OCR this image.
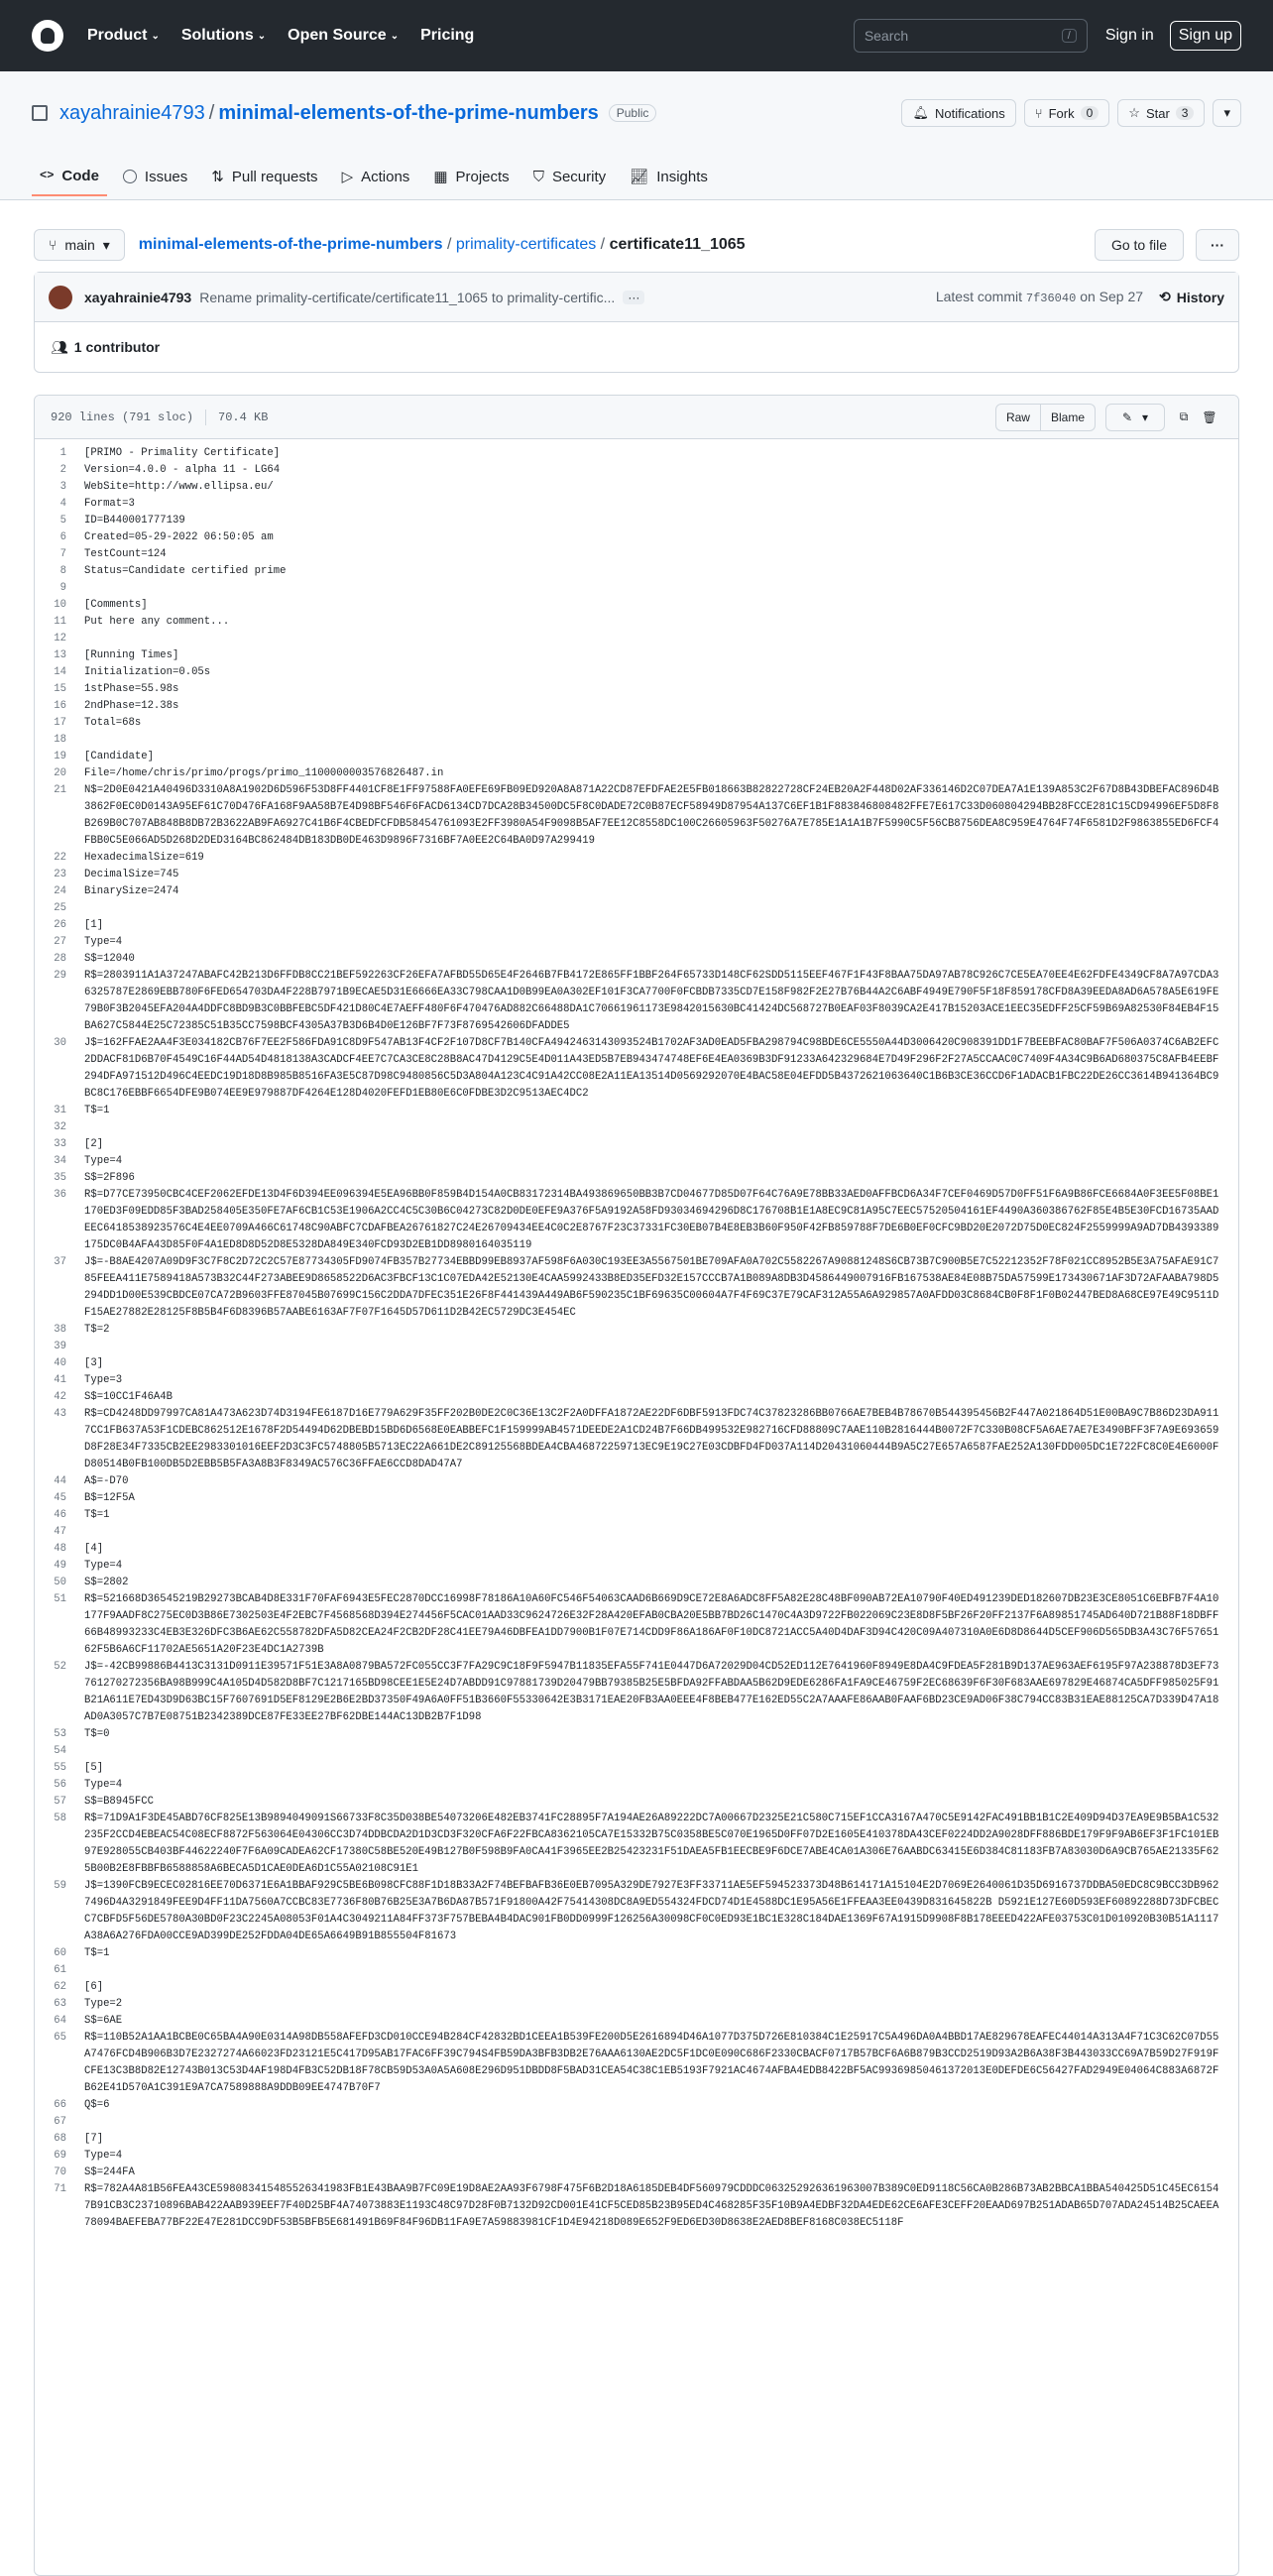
Product ⌄ Solutions ⌄ Open Source ⌄ Pricing	Search	/	Sign in	Sign up
xayahrainie4793 / minimal-elements-of-the-prime-numbers	Public	🔔︎ Notifications ⑂ Fork	0	☆ Star	3	▾
<> Code	Issues ⇅ Pull requests ▷ Actions ▦ Projects ⛉ Security 📈︎ Insights
⑂ main ▾ minimal-elements-of-the-prime-numbers / primality-certificates / certificate11_1065	Go to file	···
xayahrainie4793 Rename primality-certificate/certificate11_1065 to primality-certific...	···	Latest commit 7f36040 on Sep 27 ⟲ History
👥︎ 1 contributor
920 lines (791 sloc) 70.4 KB	Raw	Blame	✎ ▾	⧉ 🗑︎
1	[PRIMO - Primality Certificate]
2	Version=4.0.0 - alpha 11 - LG64
3	WebSite=http://www.ellipsa.eu/
4	Format=3
5	ID=B440001777139
6	Created=05-29-2022 06:50:05 am
7	TestCount=124
8	Status=Candidate certified prime
9
10	[Comments]
11	Put here any comment...
12
13	[Running Times]
14	Initialization=0.05s
15	1stPhase=55.98s
16	2ndPhase=12.38s
17	Total=68s
18
19	[Candidate]
20	File=/home/chris/primo/progs/primo_1100000003576826487.in
21	N$=2D0E0421A40496D3310A8A1902D6D596F53D8FF4401CF8E1FF97588FA0EFE69FB09ED920A8A871A22CD87EFDFAE2E5FB018663B82822728CF24EB20A2F448D02AF336146D2C07DEA7A1E139A853C2F67D8B43DBEFAC896D4B3862F0EC0D0143A95EF61C70D476FA168F9AA58B7E4D98BF546F6FACD6134CD7DCA28B34500DC5F8C0DADE72C0B87ECF58949D87954A137C6EF1B1F883846808482FFE7E617C33D060804294BB28FCCE281C15CD94996EF5D8F8B269B0C707AB848B8DB72B3622AB9FA6927C41B6F4CBEDFCFDB58454761093E2FF3980A54F9098B5AF7EE12C8558DC100C26605963F50276A7E785E1A1A1B7F5990C5F56CB8756DEA8C959E4764F74F6581D2F9863855ED6FCF4FBB0C5E066AD5D268D2DED3164BC862484DB183DB0DE463D9896F7316BF7A0EE2C64BA0D97A299419
22	HexadecimalSize=619
23	DecimalSize=745
24	BinarySize=2474
25
26	[1]
27	Type=4
28	S$=12040
29	R$=2803911A1A37247ABAFC42B213D6FFDB8CC21BEF592263CF26EFA7AFBD55D65E4F2646B7FB4172E865FF1BBF264F65733D148CF62SDD5115EEF467F1F43F8BAA75DA97AB78C926C7CE5EA70EE4E62FDFE4349CF8A7A97CDA36325787E2869EBB780F6FED654703DA4F228B7971B9ECAE5D31E6666EA33C798CAA1D0B99EA0A302EF101F3CA7700F0FCBDB7335CD7E158F982F2E27B76B44A2C6ABF4949E790F5F18F859178CFD8A39EEDA8AD6A578A5E619FE79B0F3B2045EFA204A4DDFC8BD9B3C0BBFEBC5DF421D80C4E7AEFF480F6F470476AD882C66488DA1C70661961173E9842015630BC41424DC568727B0EAF03F8039CA2E417B15203ACE1EEC35EDFF25CF59B69A82530F84EB4F15BA627C5844E25C72385C51B35CC7598BCF4305A37B3D6B4D0E126BF7F73F8769542606DFADDE5
30	J$=162FFAE2AA4F3E034182CB76F7EE2F586FDA91C8D9F547AB13F4CF2F107D8CF7B140CFA4942463143093524B1702AF3AD0EAD5FBA298794C98BDE6CE5550A44D3006420C908391DD1F7BEEBFAC80BAF7F506A0374C6AB2EFC2DDACF81D6B70F4549C16F44AD54D4818138A3CADCF4EE7C7CA3CE8C28B8AC47D4129C5E4D011A43ED5B7EB943474748EF6E4EA0369B3DF91233A642329684E7D49F296F2F27A5CCAAC0C7409F4A34C9B6AD680375C8AFB4EEBF294DFA971512D496C4EEDC19D18D8B985B8516FA3E5C87D98C9480856C5D3A804A123C4C91A42CC08E2A11EA13514D0569292070E4BAC58E04EFDD5B4372621063640C1B6B3CE36CCD6F1ADACB1FBC22DE26CC3614B941364BC9BC8C176EBBF6654DFE9B074EE9E979887DF4264E128D4020FEFD1EB80E6C0FDBE3D2C9513AEC4DC2
31	T$=1
32
33	[2]
34	Type=4
35	S$=2F896
36	R$=D77CE73950CBC4CEF2062EFDE13D4F6D394EE096394E5EA96BB0F859B4D154A0CB83172314BA493869650BB3B7CD04677D85D07F64C76A9E78BB33AED0AFFBCD6A34F7CEF0469D57D0FF51F6A9B86FCE6684A0F3EE5F08BE1170ED3F09EDD85F3BAD258405E350FE7AF6CB1C53E1906A2CC4C5C30B6C04273C82D0DE0EFE9A376F5A9192A58FD93034694296D8C176708B1E1A8EC9C81A95C7EEC57520504161EF4490A360386762F85E4B5E30FCD16735AADEEC6418538923576C4E4EE0709A466C61748C90ABFC7CDAFBEA26761827C24E26709434EE4C0C2E8767F23C37331FC30EB07B4E8EB3B60F950F42FB859788F7DE6B0EF0CFC9BD20E2072D75D0EC824F2559999A9AD7DB4393389175DC0B4AFA43D85F0F4A1ED8D8D52D8E5328DA849E340FCD93D2EB1DD8980164035119
37	J$=-B8AE4207A09D9F3C7F8C2D72C2C57E87734305FD9074FB357B27734EBBD99EB8937AF598F6A030C193EE3A5567501BE709AFA0A702C5582267A90881248S6CB73B7C900B5E7C52212352F78F021CC8952B5E3A75AFAE91C785FEEA411E7589418A573B32C44F273ABEE9D8658522D6AC3FBCF13C1C07EDA42E52130E4CAA5992433B8ED35EFD32E157CCCB7A1B089A8DB3D4586449007916FB167538AE84E08B75DA57599E173430671AF3D72AFAABA798D5294DD1D00E539CBDCE07CA72B9603FFE87045B07699C156C2DDA7DFEC351E26F8F441439A449AB6F590235C1BF69635C00604A7F4F69C37E79CAF312A55A6A929857A0AFDD03C8684CB0F8F1F0B02447BED8A68CE97E49C9511DF15AE27882E28125F8B5B4F6D8396B57AABE6163AF7F07F1645D57D611D2B42EC5729DC3E454EC
38	T$=2
39
40	[3]
41	Type=3
42	S$=10CC1F46A4B
43	R$=CD4248DD97997CA81A473A623D74D3194FE6187D16E779A629F35FF202B0DE2C0C36E13C2F2A0DFFA1872AE22DF6DBF5913FDC74C37823286BB0766AE7BEB4B78670B544395456B2F447A021864D51E00BA9C7B86D23DA9117CC1FB637A53F1CDEBC862512E1678F2D54494D62DBEBD15BD6D6568E0EABBEFC1F159999AB4571DEEDE2A1CD24B7F66DB499532E982716CFD88809C7AAE110B2816444B0072F7C330B08CF5A6AE7AE7E3490BFF3F7A9E693659D8F28E34F7335CB2EE2983301016EEF2D3C3FC5748805B5713EC22A661DE2C89125568BDEA4CBA46872259713EC9E19C27E03CDBFD4FD037A114D20431060444B9A5C27E657A6587FAE252A130FDD005DC1E722FC8C0E4E6000FD80514B0FB100DB5D2EBB5B5FA3A8B3F8349AC576C36FFAE6CCD8DAD47A7
44	A$=-D70
45	B$=12F5A
46	T$=1
47
48	[4]
49	Type=4
50	S$=2802
51	R$=521668D36545219B29273BCAB4D8E331F70FAF6943E5FEC2870DCC16998F78186A10A60FC546F54063CAAD6B669D9CE72E8A6ADC8FF5A82E28C48BF090AB72EA10790F40ED491239DED182607DB23E3CE8051C6EBFB7F4A10177F9AADF8C275EC0D3B86E7302503E4F2EBC7F4568568D394E274456F5CAC01AAD33C9624726E32F28A420EFAB0CBA20E5BB7BD26C1470C4A3D9722FB022069C23E8D8F5BF26F20FF2137F6A89851745AD640D721B88F18DBFF66B48993233C4EB3E326DFC3B6AE62C558782DFA5D82CEA24F2CB2DF28C41EE79A46DBFEA1DD7900B1F07E714CDD9F86A186AF0F10DC8721ACC5A40D4DAF3D94C420C09A407310A0E6D8D8644D5CEF906D565DB3A43C76F5765162F5B6A6CF11702AE5651A20F23E4DC1A2739B
52	J$=-42CB99886B4413C3131D0911E39571F51E3A8A0879BA572FC055CC3F7FA29C9C18F9F5947B11835EFA55F741E0447D6A72029D04CD52ED112E7641960F8949E8DA4C9FDEA5F281B9D137AE963AEF6195F97A238878D3EF73761270272356BA98B999C4A105D4D582D8BF7C1217165BD98CEE1E5E24D7ABDD91C97881739D20479BB79385B25E5BFDA92FFABDAA5B62D9EDE6286FA1FA9CE46759F2EC68639F6F30F683AAE697829E46874CA5DFF985025F91B21A611E7ED43D9D63BC15F7607691D5EF8129E2B6E2BD37350F49A6A0FF51B3660F55330642E3B3171EAE20FB3AA0EEE4F8BEB477E162ED55C2A7AAAFE86AAB0FAAF6BD23CE9AD06F38C794CC83B31EAE88125CA7D339D47A18AD0A3057C7B7E08751B2342389DCE87FE33EE27BF62DBE144AC13DB2B7F1D98
53	T$=0
54
55	[5]
56	Type=4
57	S$=B8945FCC
58	R$=71D9A1F3DE45ABD76CF825E13B9894049091S66733F8C35D038BE54073206E482EB3741FC28895F7A194AE26A89222DC7A00667D2325E21C580C715EF1CCA3167A470C5E9142FAC491BB1B1C2E409D94D37EA9E9B5BA1C532235F2CCD4EBEAC54C08ECF8872F563064E04306CC3D74DDBCDA2D1D3CD3F320CFA6F22FBCA8362105CA7E15332B75C0358BE5C070E1965D0FF07D2E1605E410378DA43CEF0224DD2A9028DFF886BDE179F9F9AB6EF3F1FC101EB97E928055CB403BF44622240F7F6A09CADEA62CF17380C58BE520E49B127B0F598B9FA0CA41F3965EE2B25423231F51DAEA5FB1EECBE9F6DCE7ABE4CA01A306E76AABDC63415E6D384C81183FB7A83030D6A9CB765AE21335F625B00B2E8FBBFB6588858A6BECA5D1CAE0DEA6D1C55A02108C91E1
59	J$=1390FCB9ECEC02816EE70D6371E6A1BBAF929C5BE6B098CFC88F1D18B33A2F74BEFBAFB36E0EB7095A329DE7927E3FF33711AE5EF594523373D48B614171A15104E2D7069E2640061D35D6916737DDBA50EDC8C9BCC3DB9627496D4A3291849FEE9D4FF11DA7560A7CCBC83E7736F80B76B25E3A7B6DA87B571F91800A42F75414308DC8A9ED554324FDCD74D1E4588DC1E95A56E1FFEAA3EE0439D831645822B D5921E127E60D593EF60892288D73DFCBECC7CBFD5F56DE5780A30BD0F23C2245A08053F01A4C3049211A84FF373F757BEBA4B4DAC901FB0DD0999F126256A30098CF0C0ED93E1BC1E328C184DAE1369F67A1915D9908F8B178EEED422AFE03753C01D010920B30B51A1117A38A6A276FDA00CCE9AD399DE252FDDA04DE65A6649B91B855504F81673
60	T$=1
61
62	[6]
63	Type=2
64	S$=6AE
65	R$=110B52A1AA1BCBE0C65BA4A90E0314A98DB558AFEFD3CD010CCE94B284CF42832BD1CEEA1B539FE200D5E2616894D46A1077D375D726E810384C1E25917C5A496DA0A4BBD17AE829678EAFEC44014A313A4F71C3C62C07D55A7476FCD4B906B3D7E2327274A66023FD23121E5C417D95AB17FAC6FF39C794S4FB59DA3BFB3DB2E76AAA6130AE2DC5F1DC0E090C686F2330CBACF0717B57BCF6A6B879B3CCD2519D93A2B6A38F3B443033CC69A7B59D27F919FCFE13C3B8D82E12743B013C53D4AF198D4FB3C52DB18F78CB59D53A0A5A608E296D951DBDD8F5BAD31CEA54C38C1EB5193F7921AC4674AFBA4EDB8422BF5AC99369850461372013E0DEFDE6C56427FAD2949E04064C883A6872FB62E41D570A1C391E9A7CA7589888A9DDB09EE4747B70F7
66	Q$=6
67
68	[7]
69	Type=4
70	S$=244FA
71	R$=782A4A81B56FEA43CE598083415485526341983FB1E43BAA9B7FC09E19D8AE2AA93F6798F475F6B2D18A6185DEB4DF560979CDDDC063252926361963007B389C0ED9118C56CA0B286B73AB2BBCA1BBA540425D51C45EC61547B91CB3C23710896BAB422AAB939EEF7F40D25BF4A74073883E1193C48C97D28F0B7132D92CD001E41CF5CED85B23B95ED4C468285F35F10B9A4EDBF32DA4EDE62CE6AFE3CEFF20EAAD697B251ADAB65D707ADA24514B25CAEEA78094BAEFEBA77BF22E47E281DCC9DF53B5BFB5E681491B69F84F96DB11FA9E7A59883981CF1D4E94218D089E652F9ED6ED30D8638E2AED8BEF8168C038EC5118F
